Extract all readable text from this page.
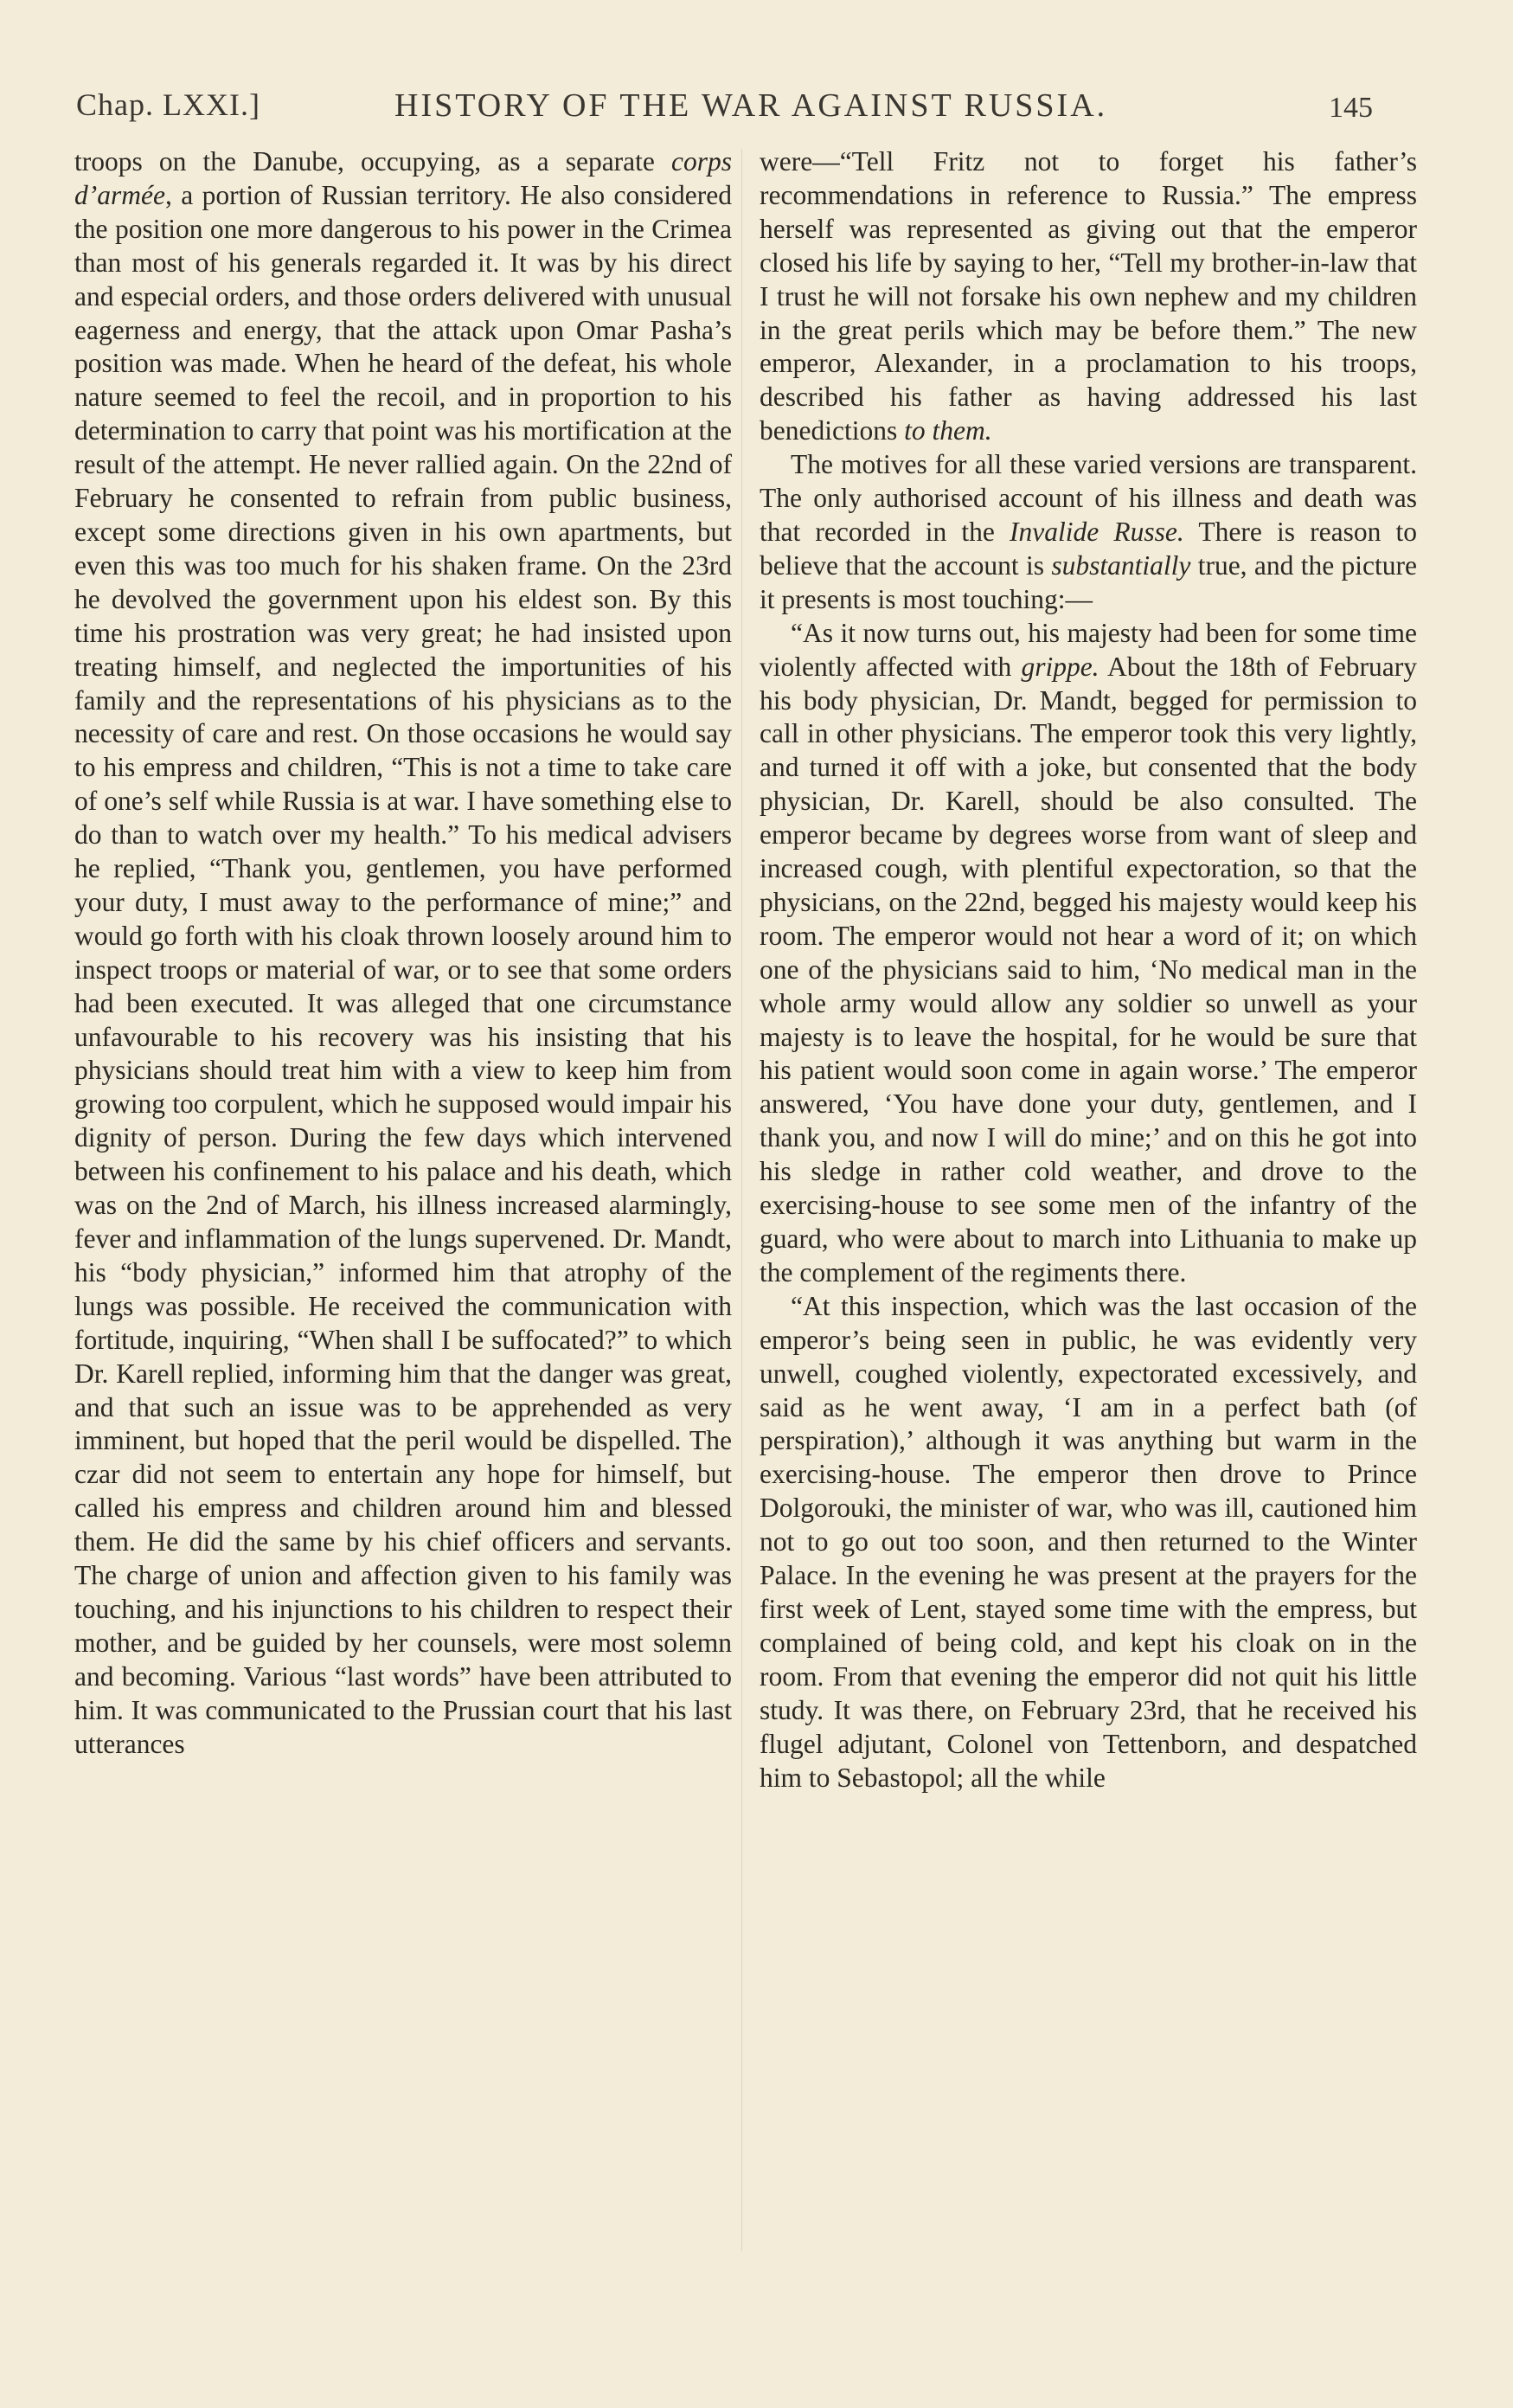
Chap. LXXI.]	HISTORY OF THE WAR AGAINST RUSSIA.	145

troops on the Danube, occupying, as a separate corps d’armée, a portion of Russian territory. He also considered the position one more dangerous to his power in the Crimea than most of his generals regarded it. It was by his direct and especial orders, and those orders delivered with unusual eagerness and energy, that the attack upon Omar Pasha’s position was made. When he heard of the defeat, his whole nature seemed to feel the recoil, and in proportion to his determination to carry that point was his mortification at the result of the attempt. He never rallied again. On the 22nd of February he consented to refrain from public business, except some directions given in his own apartments, but even this was too much for his shaken frame. On the 23rd he devolved the government upon his eldest son. By this time his prostration was very great; he had insisted upon treating himself, and neglected the importunities of his family and the representations of his physicians as to the necessity of care and rest. On those occasions he would say to his empress and children, “This is not a time to take care of one’s self while Russia is at war. I have something else to do than to watch over my health.” To his medical advisers he replied, “Thank you, gentlemen, you have performed your duty, I must away to the performance of mine;” and would go forth with his cloak thrown loosely around him to inspect troops or material of war, or to see that some orders had been executed. It was alleged that one circumstance unfavourable to his recovery was his insisting that his physicians should treat him with a view to keep him from growing too corpulent, which he supposed would impair his dignity of person. During the few days which intervened between his confinement to his palace and his death, which was on the 2nd of March, his illness increased alarmingly, fever and inflammation of the lungs supervened. Dr. Mandt, his “body physician,” informed him that atrophy of the lungs was possible. He received the communication with fortitude, inquiring, “When shall I be suffocated?” to which Dr. Karell replied, informing him that the danger was great, and that such an issue was to be apprehended as very imminent, but hoped that the peril would be dispelled. The czar did not seem to entertain any hope for himself, but called his empress and children around him and blessed them. He did the same by his chief officers and servants. The charge of union and affection given to his family was touching, and his injunctions to his children to respect their mother, and be guided by her counsels, were most solemn and becoming. Various “last words” have been attributed to him. It was communicated to the Prussian court that his last utterances

were—“Tell Fritz not to forget his father’s recommendations in reference to Russia.” The empress herself was represented as giving out that the emperor closed his life by saying to her, “Tell my brother-in-law that I trust he will not forsake his own nephew and my children in the great perils which may be before them.” The new emperor, Alexander, in a proclamation to his troops, described his father as having addressed his last benedictions to them.

The motives for all these varied versions are transparent. The only authorised account of his illness and death was that recorded in the Invalide Russe. There is reason to believe that the account is substantially true, and the picture it presents is most touching:—

“As it now turns out, his majesty had been for some time violently affected with grippe. About the 18th of February his body physician, Dr. Mandt, begged for permission to call in other physicians. The emperor took this very lightly, and turned it off with a joke, but consented that the body physician, Dr. Karell, should be also consulted. The emperor became by degrees worse from want of sleep and increased cough, with plentiful expectoration, so that the physicians, on the 22nd, begged his majesty would keep his room. The emperor would not hear a word of it; on which one of the physicians said to him, ‘No medical man in the whole army would allow any soldier so unwell as your majesty is to leave the hospital, for he would be sure that his patient would soon come in again worse.’ The emperor answered, ‘You have done your duty, gentlemen, and I thank you, and now I will do mine;’ and on this he got into his sledge in rather cold weather, and drove to the exercising-house to see some men of the infantry of the guard, who were about to march into Lithuania to make up the complement of the regiments there.

“At this inspection, which was the last occasion of the emperor’s being seen in public, he was evidently very unwell, coughed violently, expectorated excessively, and said as he went away, ‘I am in a perfect bath (of perspiration),’ although it was anything but warm in the exercising-house. The emperor then drove to Prince Dolgorouki, the minister of war, who was ill, cautioned him not to go out too soon, and then returned to the Winter Palace. In the evening he was present at the prayers for the first week of Lent, stayed some time with the empress, but complained of being cold, and kept his cloak on in the room. From that evening the emperor did not quit his little study. It was there, on February 23rd, that he received his flugel adjutant, Colonel von Tettenborn, and despatched him to Sebastopol; all the while
